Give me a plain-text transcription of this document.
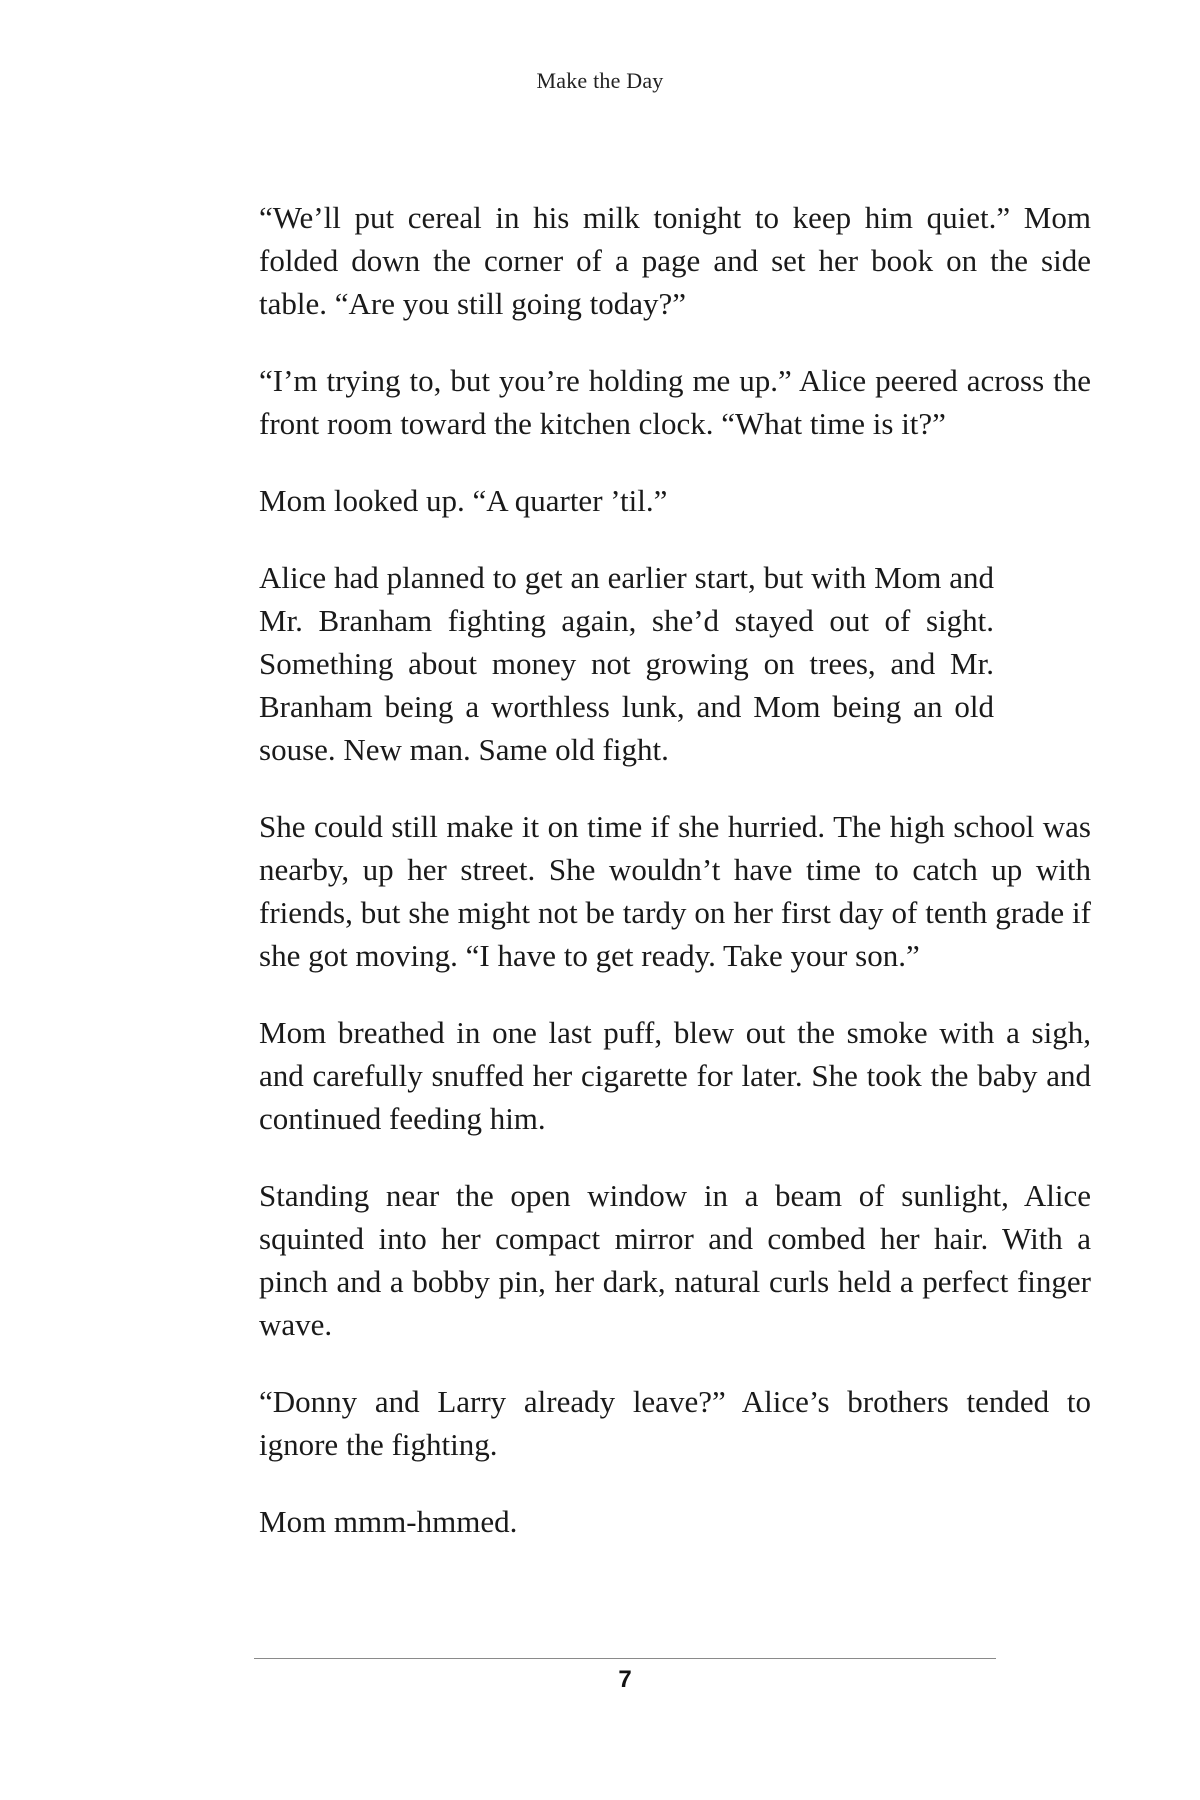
Make the Day

“We’ll put cereal in his milk tonight to keep him quiet.” Mom folded down the corner of a page and set her book on the side table. “Are you still going today?”

“I’m trying to, but you’re holding me up.” Alice peered across the front room toward the kitchen clock. “What time is it?”

Mom looked up. “A quarter ’til.”

Alice had planned to get an earlier start, but with Mom and Mr. Branham fighting again, she’d stayed out of sight. Something about money not growing on trees, and Mr. Branham being a worthless lunk, and Mom being an old souse. New man. Same old fight.

She could still make it on time if she hurried. The high school was nearby, up her street. She wouldn’t have time to catch up with friends, but she might not be tardy on her first day of tenth grade if she got moving. “I have to get ready. Take your son.”

Mom breathed in one last puff, blew out the smoke with a sigh, and carefully snuffed her cigarette for later. She took the baby and continued feeding him.

Standing near the open window in a beam of sunlight, Alice squinted into her compact mirror and combed her hair. With a pinch and a bobby pin, her dark, natural curls held a perfect finger wave.

“Donny and Larry already leave?” Alice’s brothers tended to ignore the fighting.

Mom mmm-hmmed.

7
